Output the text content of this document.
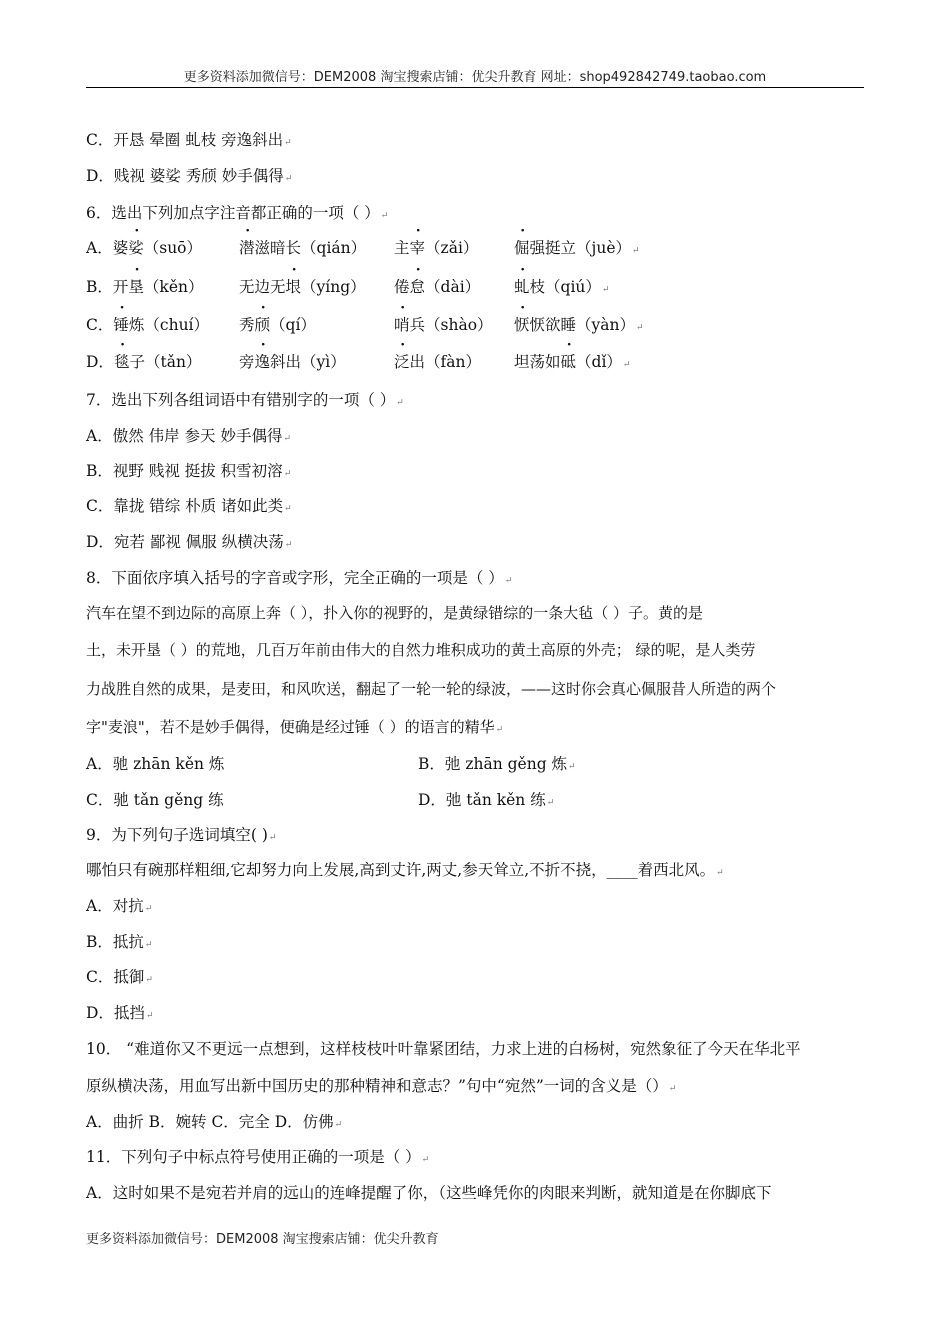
更多资料添加微信号：DEM2008 淘宝搜索店铺：优尖升教育 网址：shop492842749.taobao.com
C．开恳 晕圈 虬枝 旁逸斜出↵
D．贱视 婆娑 秀颀 妙手偶得↵
6．选出下列加点字注音都正确的一项（ ）↵
A．婆娑（suō） 潜滋暗长（qián） 主宰（zǎi） 倔强挺立（juè）↵
B．开垦（kěn） 无边无垠（yíng） 倦怠（dài） 虬枝（qiú）↵
C．锤炼（chuí） 秀颀（qí）	哨兵（shào） 恹恹欲睡（yàn）↵
D．毯子（tǎn） 旁逸斜出（yì）	泛出（fàn） 坦荡如砥（dǐ）↵
7．选出下列各组词语中有错别字的一项（ ）↵
A．傲然 伟岸 参天 妙手偶得↵
B．视野 贱视 挺拔 积雪初溶↵
C．靠拢 错综 朴质 诸如此类↵
D．宛若 鄙视 佩服 纵横决荡↵
8．下面依序填入括号的字音或字形，完全正确的一项是（ ）↵
汽车在望不到边际的高原上奔（ ），扑入你的视野的，是黄绿错综的一条大毡（ ）子。黄的是
土，未开垦（ ）的荒地，几百万年前由伟大的自然力堆积成功的黄土高原的外壳； 绿的呢，是人类劳
力战胜自然的成果，是麦田，和风吹送，翻起了一轮一轮的绿波，——这时你会真心佩服昔人所造的两个
字"麦浪"，若不是妙手偶得，便确是经过锤（ ）的语言的精华↵
A．驰 zhān kěn 炼	B．弛 zhān gěng 炼↵
C．驰 tǎn gěng 练	D．弛 tǎn kěn 练↵
9．为下列句子选词填空( )↵
哪怕只有碗那样粗细,它却努力向上发展,高到丈许,两丈,参天耸立,不折不挠，____着西北风。↵
A．对抗↵
B．抵抗↵
C．抵御↵
D．抵挡↵
10． “难道你又不更远一点想到，这样枝枝叶叶靠紧团结，力求上进的白杨树，宛然象征了今天在华北平
原纵横决荡，用血写出新中国历史的那种精神和意志？”句中“宛然”一词的含义是（）↵
A．曲折 B．婉转 C．完全 D．仿佛↵
11．下列句子中标点符号使用正确的一项是（ ）↵
A．这时如果不是宛若并肩的远山的连峰提醒了你，（这些峰凭你的肉眼来判断，就知道是在你脚底下
更多资料添加微信号：DEM2008 淘宝搜索店铺：优尖升教育
